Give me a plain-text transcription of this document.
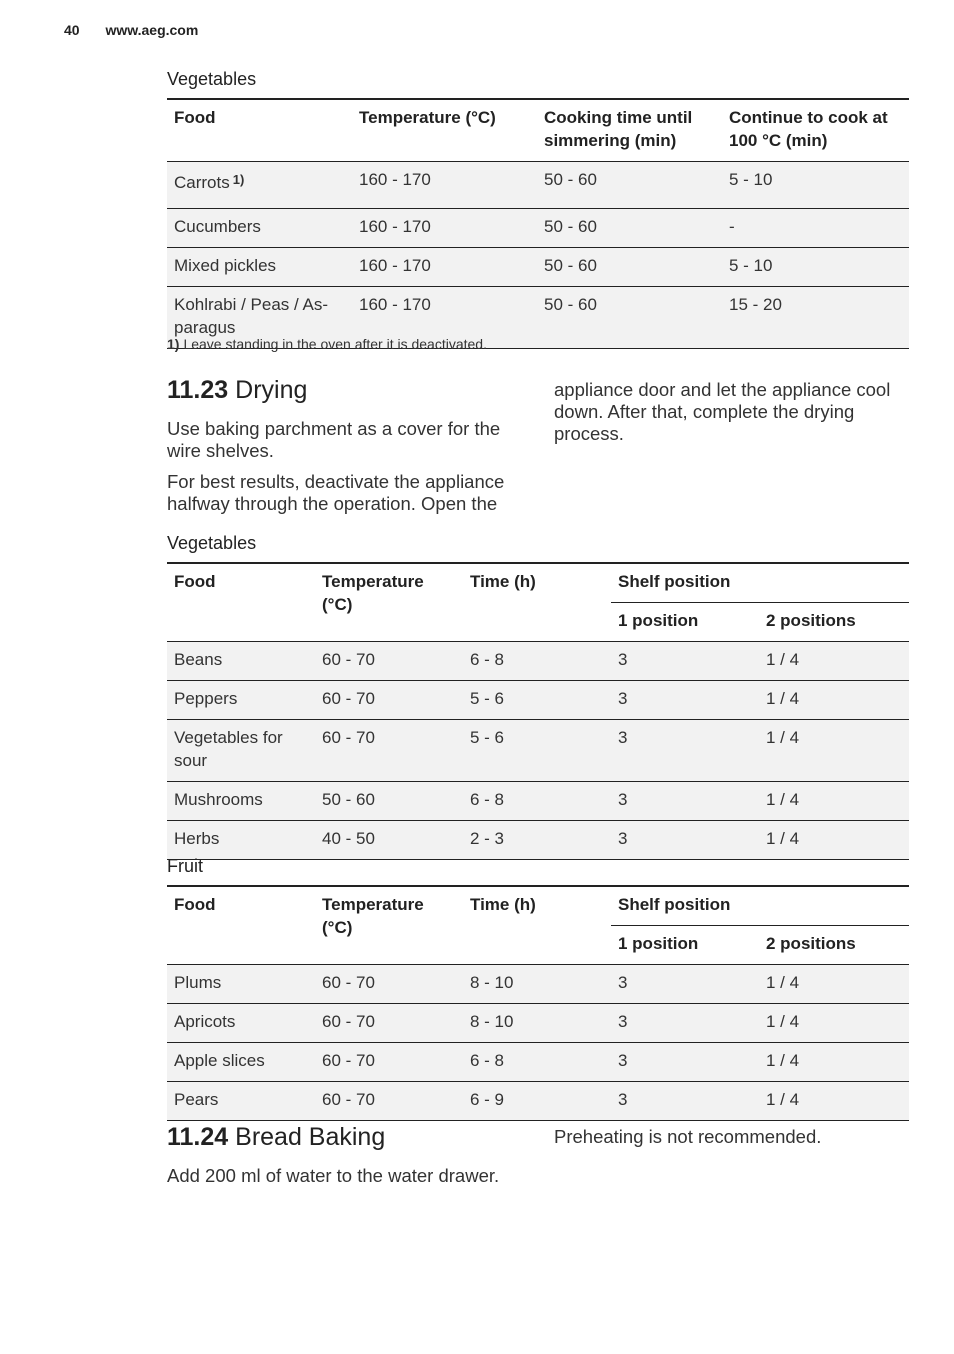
40 www.aeg.com
Vegetables
Food	Temperature (°C)	Cooking time until simmering (min)	Continue to cook at 100 °C (min)
Carrots $^{1)}$	160 - 170	50 - 60	5 - 10
Cucumbers	160 - 170	50 - 60	-
Mixed pickles	160 - 170	50 - 60	5 - 10
Kohlrabi / Peas / As-paragus	160 - 170	50 - 60	15 - 20
1) Leave standing in the oven after it is deactivated.
11.23 Drying
Use baking parchment as a cover for the wire shelves.
For best results, deactivate the appliance halfway through the operation. Open the
appliance door and let the appliance cool down. After that, complete the drying process.
Vegetables
Food	Temperature (°C)	Time (h)	Shelf position	
			1 position	2 positions
Beans	60 - 70	6 - 8	3	1 / 4
Peppers	60 - 70	5 - 6	3	1 / 4
Vegetables for sour	60 - 70	5 - 6	3	1 / 4
Mushrooms	50 - 60	6 - 8	3	1 / 4
Herbs	40 - 50	2 - 3	3	1 / 4
Fruit
Food	Temperature (°C)	Time (h)	Shelf position	
			1 position	2 positions
Plums	60 - 70	8 - 10	3	1 / 4
Apricots	60 - 70	8 - 10	3	1 / 4
Apple slices	60 - 70	6 - 8	3	1 / 4
Pears	60 - 70	6 - 9	3	1 / 4
11.24 Bread Baking
Add 200 ml of water to the water drawer.
Preheating is not recommended.
